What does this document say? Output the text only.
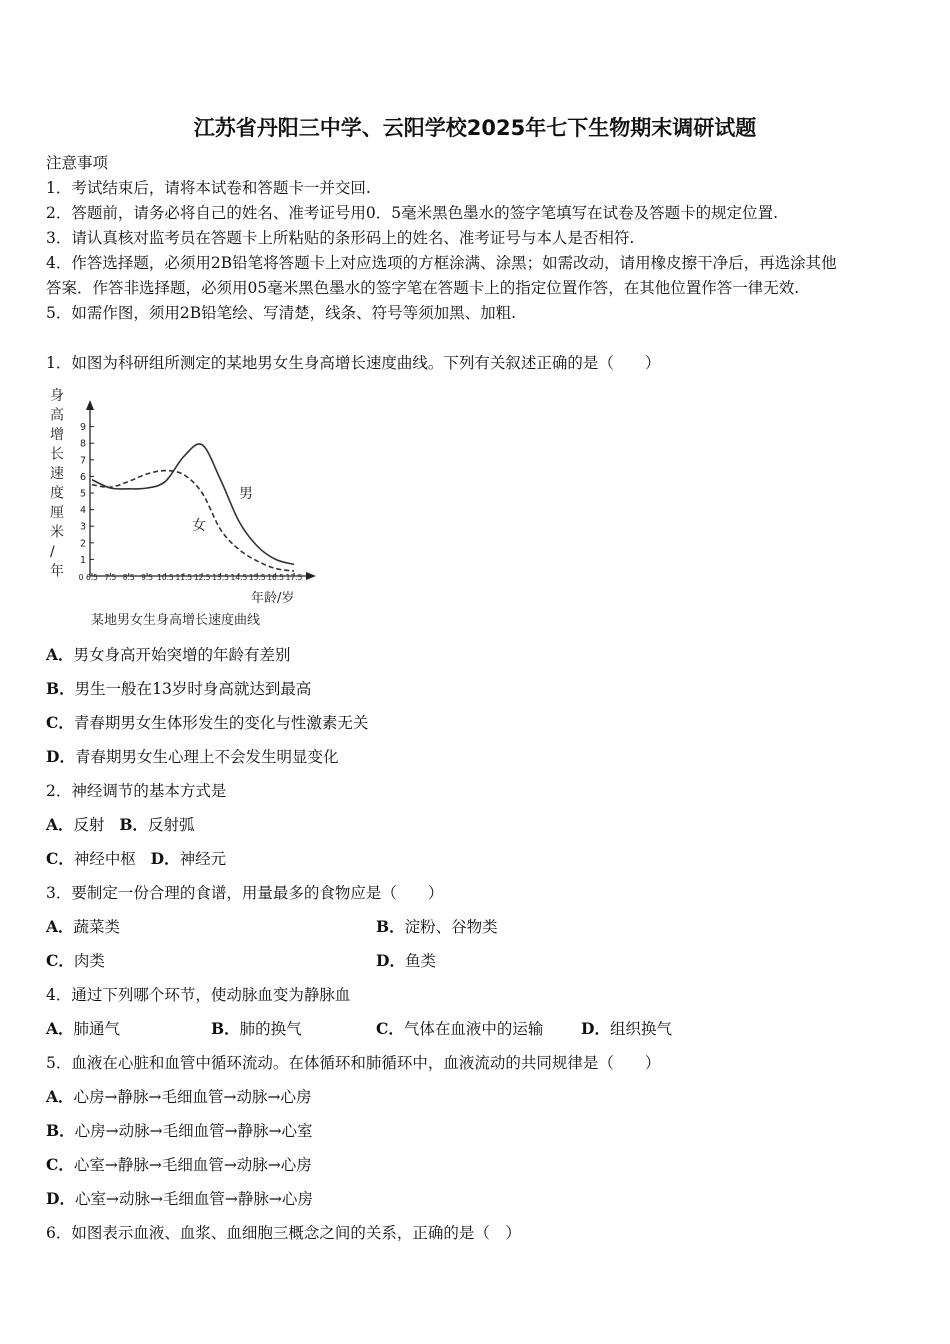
江苏省丹阳三中学、云阳学校2025年七下生物期末调研试题
注意事项
1．考试结束后，请将本试卷和答题卡一并交回.
2．答题前，请务必将自己的姓名、准考证号用0．5毫米黑色墨水的签字笔填写在试卷及答题卡的规定位置.
3．请认真核对监考员在答题卡上所粘贴的条形码上的姓名、准考证号与本人是否相符.
4．作答选择题，必须用2B铅笔将答题卡上对应选项的方框涂满、涂黑；如需改动，请用橡皮擦干净后，再选涂其他
答案．作答非选择题，必须用05毫米黑色墨水的签字笔在答题卡上的指定位置作答，在其他位置作答一律无效.
5．如需作图，须用2B铅笔绘、写清楚，线条、符号等须加黑、加粗.
1．如图为科研组所测定的某地男女生身高增长速度曲线。下列有关叙述正确的是（　　）
身
高
增
长
速
度
厘
米
/
年
1
2
3
4
5
6
7
8
9
0 6.5 7.5 8.5 9.5 10.5 11.5 12.5 13.5 14.5 15.5 16.5 17.5
男
女
年龄/岁
某地男女生身高增长速度曲线
A．男女身高开始突增的年龄有差别
B．男生一般在13岁时身高就达到最高
C．青春期男女生体形发生的变化与性激素无关
D．青春期男女生心理上不会发生明显变化
2．神经调节的基本方式是
A．反射 B．反射弧
C．神经中枢 D．神经元
3．要制定一份合理的食谱，用量最多的食物应是（　　）
A．蔬菜类	B．淀粉、谷物类
C．肉类	D．鱼类
4．通过下列哪个环节，使动脉血变为静脉血
A．肺通气	B．肺的换气	C．气体在血液中的运输 D．组织换气
5．血液在心脏和血管中循环流动。在体循环和肺循环中，血液流动的共同规律是（　　）
A．心房→静脉→毛细血管→动脉→心房
B．心房→动脉→毛细血管→静脉→心室
C．心室→静脉→毛细血管→动脉→心房
D．心室→动脉→毛细血管→静脉→心房
6．如图表示血液、血浆、血细胞三概念之间的关系，正确的是（　）
